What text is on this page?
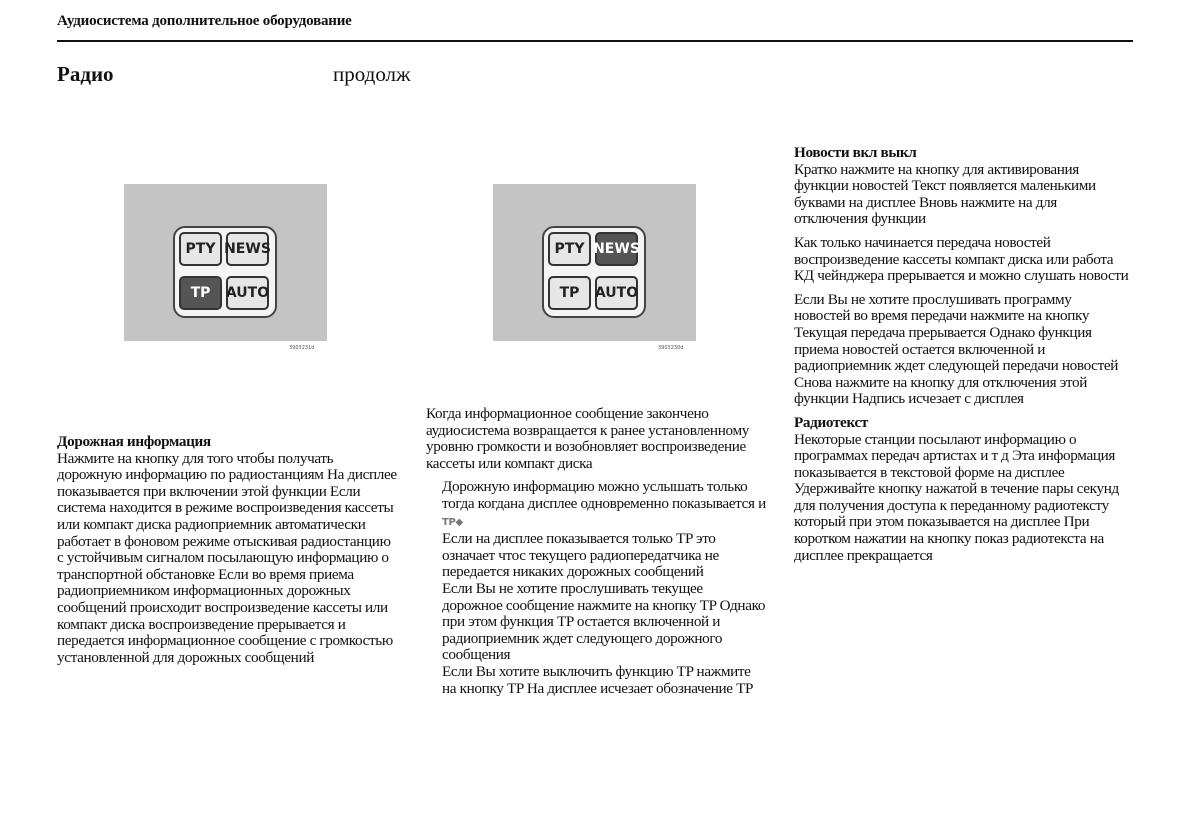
Аудиосистема дополнительное оборудование
Радио	продолж
PTY NEWS
TP	AUTO
3903231d
PTY NEWS
TP	AUTO
3903230d
Дорожная информация

Нажмите на кнопку для того чтобы получать дорожную информацию по радиостанциям На дисплее показывается при включении этой функции Если система находится в режиме воспроизведения кассеты или компакт диска радиоприемник автоматически работает в фоновом режиме отыскивая радиостанцию с устойчивым сигналом посылающую информацию о транспортной обстановке Если во время приема радиоприемником информационных дорожных сообщений происходит воспроизведение кассеты или компакт диска воспроизведение прерывается и передается информационное сообщение с громкостью установленной для дорожных сообщений

Когда информационное сообщение закончено аудиосистема возвращается к ранее установленному уровню громкости и возобновляет воспроизведение кассеты или компакт диска

Дорожную информацию можно услышать только тогда когдана дисплее одновременно показывается и TP◆

Если на дисплее показывается только TP это означает чтос текущего радиопередатчика не передается никаких дорожных сообщений

Если Вы не хотите прослушивать текущее дорожное сообщение нажмите на кнопку TP Однако при этом функция TP остается включенной и радиоприемник ждет следующего дорожного сообщения

Если Вы хотите выключить функцию TP нажмите на кнопку TP На дисплее исчезает обозначение TP

Новости вкл выкл

Кратко нажмите на кнопку для активирования функции новостей Текст появляется маленькими буквами на дисплее Вновь нажмите на для отключения функции

Как только начинается передача новостей воспроизведение кассеты компакт диска или работа КД чейнджера прерывается и можно слушать новости

Если Вы не хотите прослушивать программу новостей во время передачи нажмите на кнопку Текущая передача прерывается Однако функция приема новостей остается включенной и радиоприемник ждет следующей передачи новостей Снова нажмите на кнопку для отключения этой функции Надпись исчезает с дисплея

Радиотекст

Некоторые станции посылают информацию о программах передач артистах и т д Эта информация показывается в текстовой форме на дисплее Удерживайте кнопку нажатой в течение пары секунд для получения доступа к переданному радиотексту который при этом показывается на дисплее При коротком нажатии на кнопку показ радиотекста на дисплее прекращается
